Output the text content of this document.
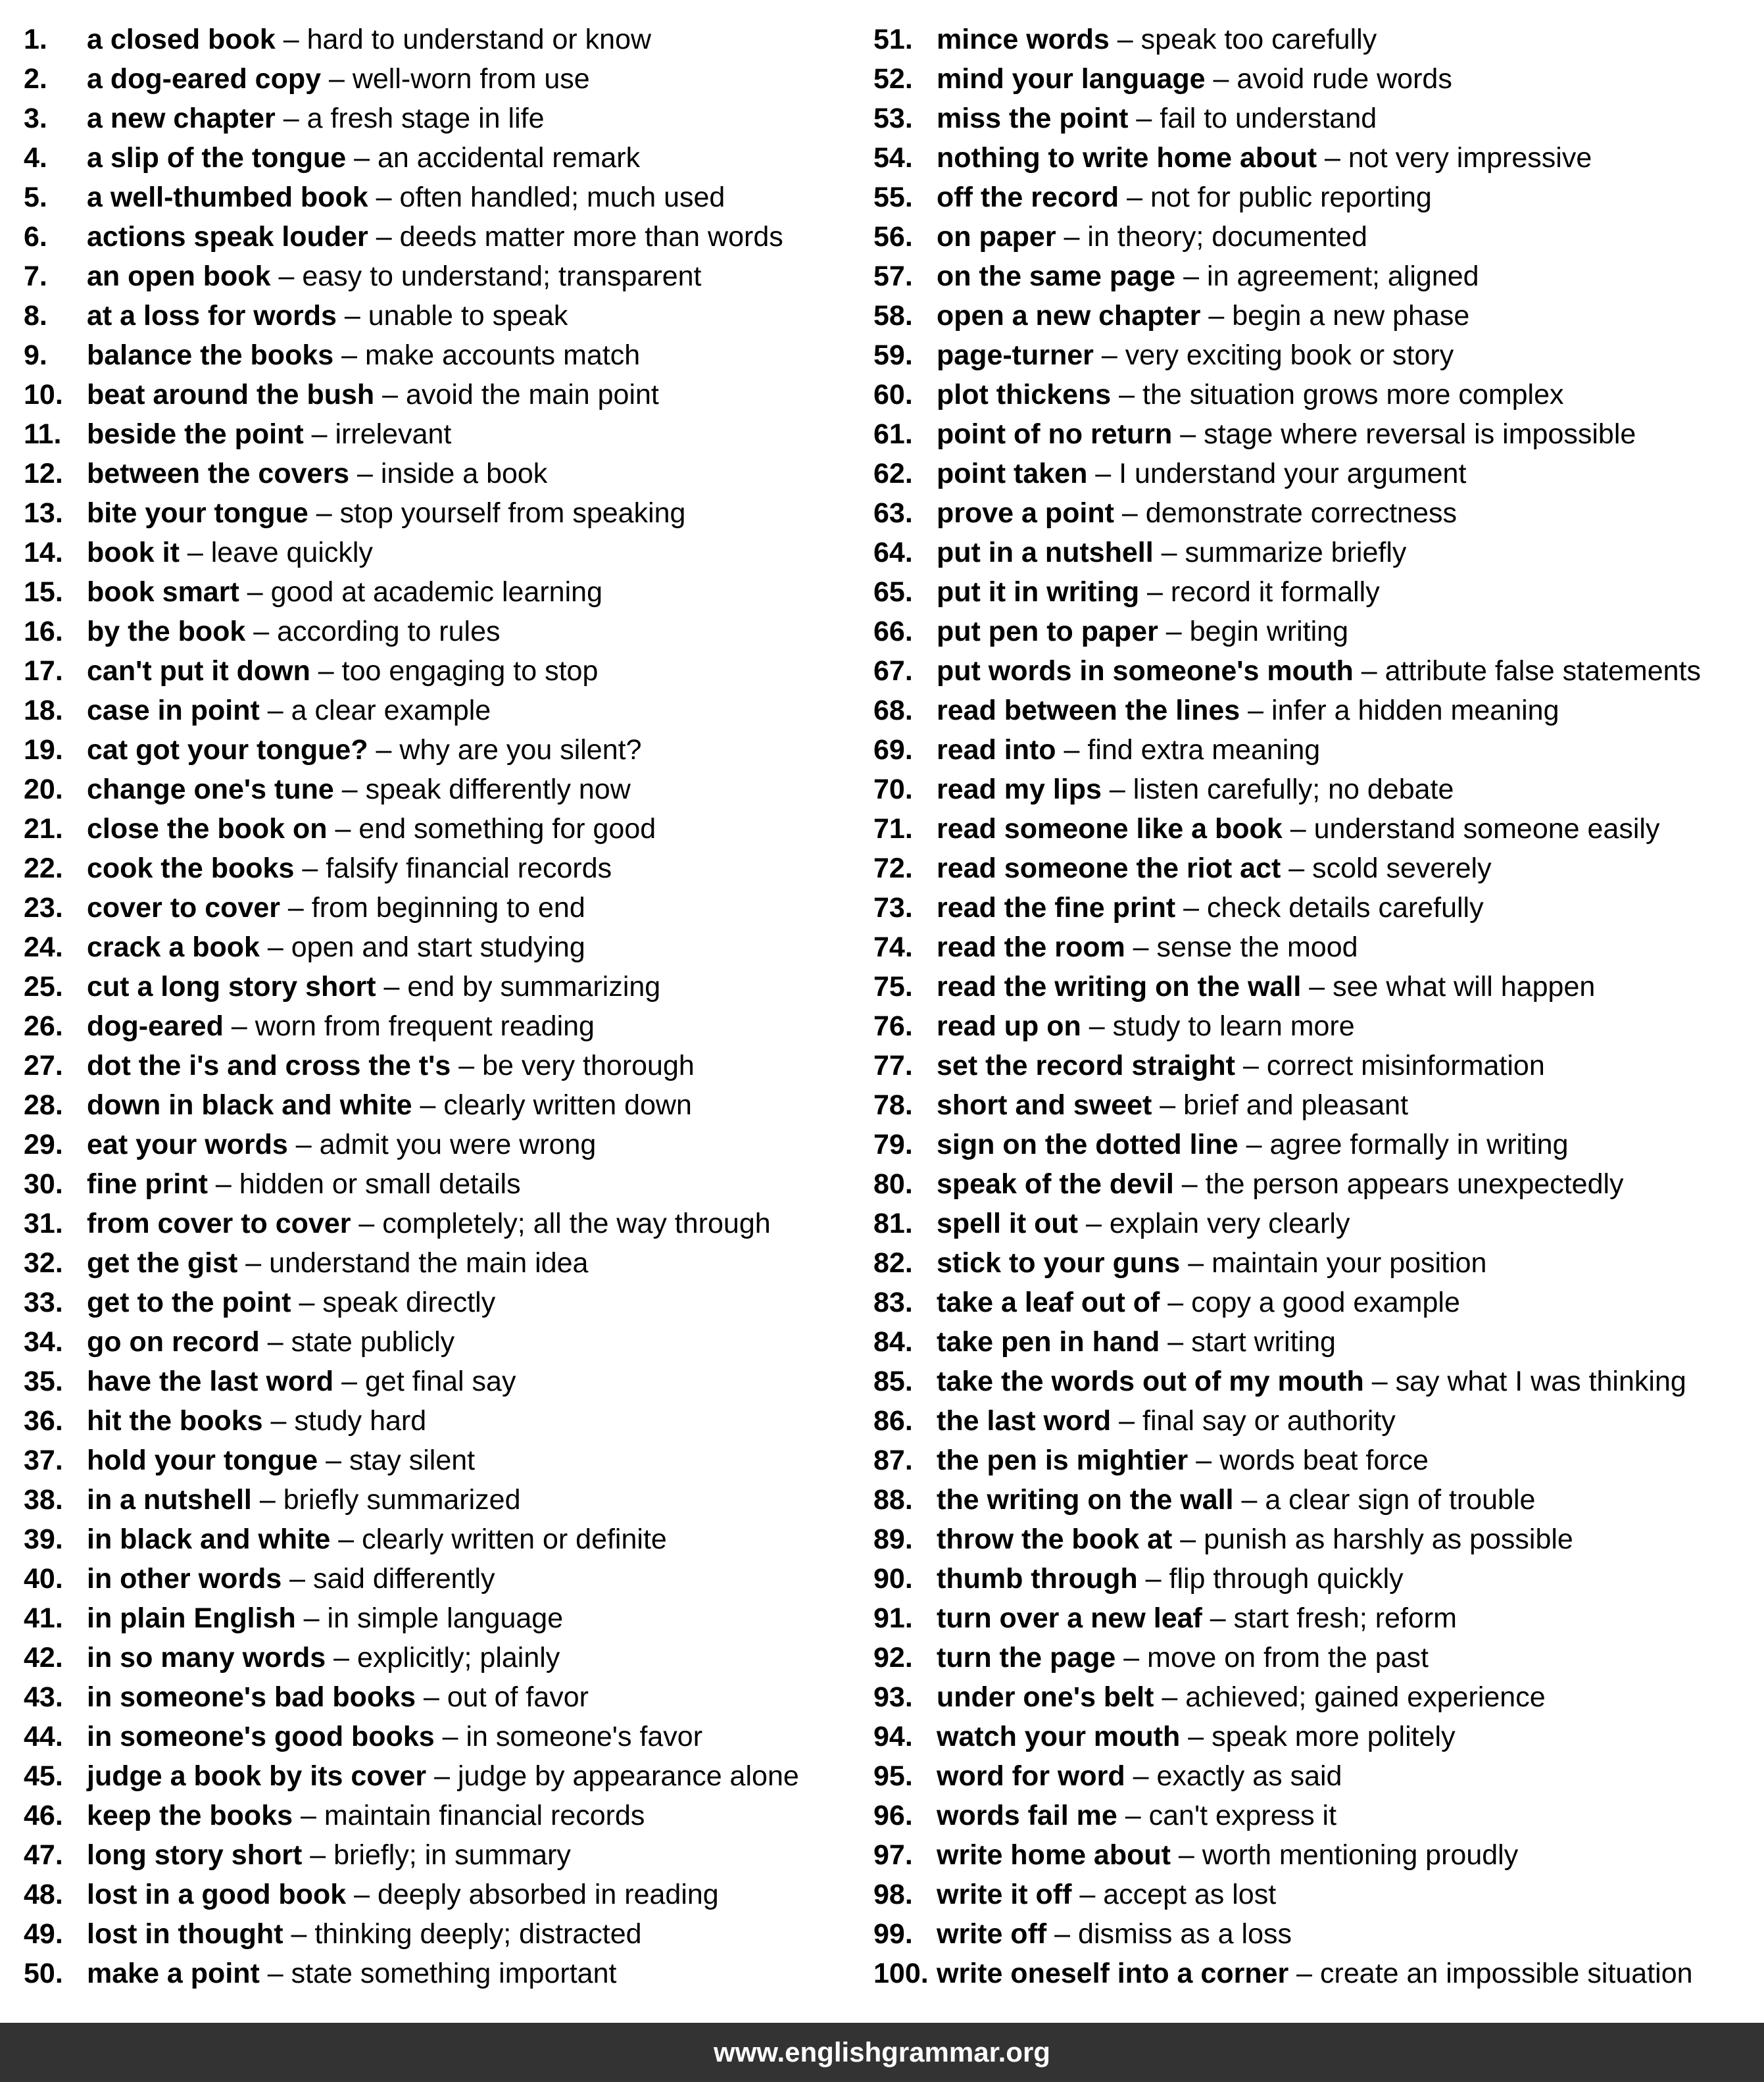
1.	a closed book – hard to understand or know
2.	a dog-eared copy – well-worn from use
3.	a new chapter – a fresh stage in life
4.	a slip of the tongue – an accidental remark
5.	a well-thumbed book – often handled; much used
6.	actions speak louder – deeds matter more than words
7.	an open book – easy to understand; transparent
8.	at a loss for words – unable to speak
9.	balance the books – make accounts match
10. beat around the bush – avoid the main point
11. beside the point – irrelevant
12. between the covers – inside a book
13. bite your tongue – stop yourself from speaking
14. book it – leave quickly
15. book smart – good at academic learning
16. by the book – according to rules
17. can't put it down – too engaging to stop
18. case in point – a clear example
19. cat got your tongue? – why are you silent?
20. change one's tune – speak differently now
21. close the book on – end something for good
22. cook the books – falsify financial records
23. cover to cover – from beginning to end
24. crack a book – open and start studying
25. cut a long story short – end by summarizing
26. dog-eared – worn from frequent reading
27. dot the i's and cross the t's – be very thorough
28. down in black and white – clearly written down
29. eat your words – admit you were wrong
30. fine print – hidden or small details
31. from cover to cover – completely; all the way through
32. get the gist – understand the main idea
33. get to the point – speak directly
34. go on record – state publicly
35. have the last word – get final say
36. hit the books – study hard
37. hold your tongue – stay silent
38. in a nutshell – briefly summarized
39. in black and white – clearly written or definite
40. in other words – said differently
41. in plain English – in simple language
42. in so many words – explicitly; plainly
43. in someone's bad books – out of favor
44. in someone's good books – in someone's favor
45. judge a book by its cover – judge by appearance alone
46. keep the books – maintain financial records
47. long story short – briefly; in summary
48. lost in a good book – deeply absorbed in reading
49. lost in thought – thinking deeply; distracted
50. make a point – state something important
51. mince words – speak too carefully
52. mind your language – avoid rude words
53. miss the point – fail to understand
54. nothing to write home about – not very impressive
55. off the record – not for public reporting
56. on paper – in theory; documented
57. on the same page – in agreement; aligned
58. open a new chapter – begin a new phase
59. page-turner – very exciting book or story
60. plot thickens – the situation grows more complex
61. point of no return – stage where reversal is impossible
62. point taken – I understand your argument
63. prove a point – demonstrate correctness
64. put in a nutshell – summarize briefly
65. put it in writing – record it formally
66. put pen to paper – begin writing
67. put words in someone's mouth – attribute false statements
68. read between the lines – infer a hidden meaning
69. read into – find extra meaning
70. read my lips – listen carefully; no debate
71. read someone like a book – understand someone easily
72. read someone the riot act – scold severely
73. read the fine print – check details carefully
74. read the room – sense the mood
75. read the writing on the wall – see what will happen
76. read up on – study to learn more
77. set the record straight – correct misinformation
78. short and sweet – brief and pleasant
79. sign on the dotted line – agree formally in writing
80. speak of the devil – the person appears unexpectedly
81. spell it out – explain very clearly
82. stick to your guns – maintain your position
83. take a leaf out of – copy a good example
84. take pen in hand – start writing
85. take the words out of my mouth – say what I was thinking
86. the last word – final say or authority
87. the pen is mightier – words beat force
88. the writing on the wall – a clear sign of trouble
89. throw the book at – punish as harshly as possible
90. thumb through – flip through quickly
91. turn over a new leaf – start fresh; reform
92. turn the page – move on from the past
93. under one's belt – achieved; gained experience
94. watch your mouth – speak more politely
95. word for word – exactly as said
96. words fail me – can't express it
97. write home about – worth mentioning proudly
98. write it off – accept as lost
99. write off – dismiss as a loss
100. write oneself into a corner – create an impossible situation
www.englishgrammar.org
